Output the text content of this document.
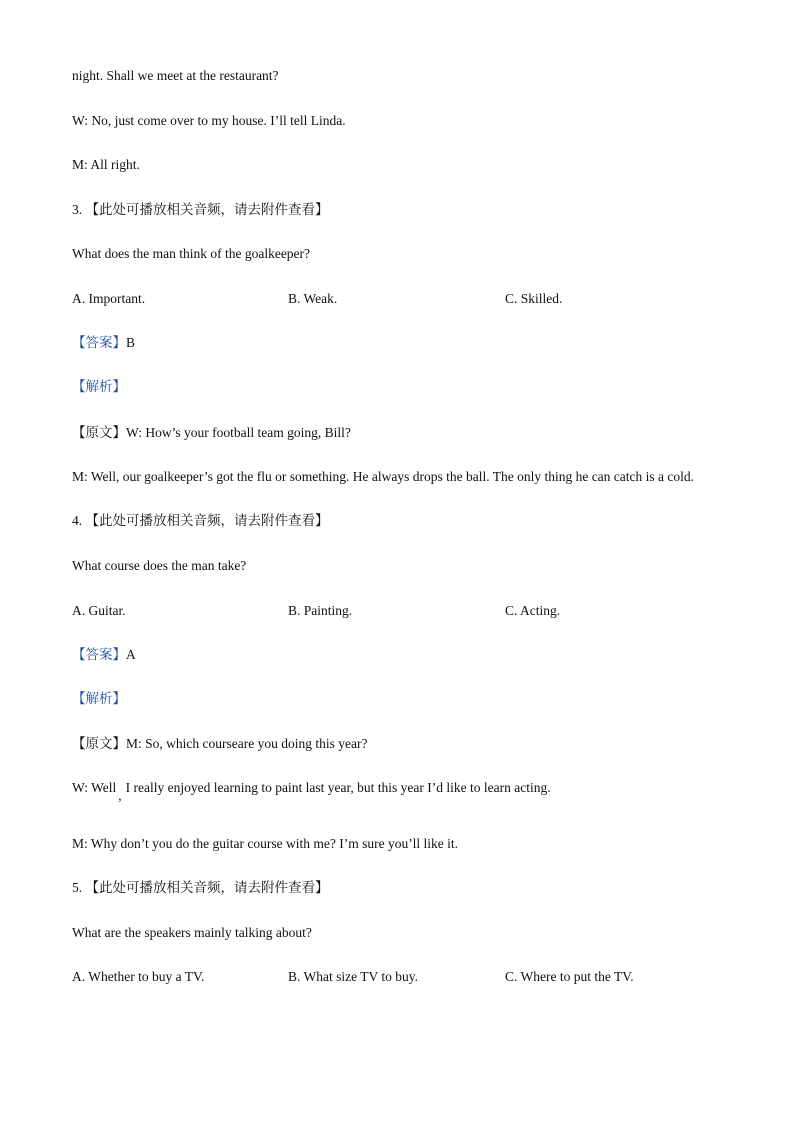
night. Shall we meet at the restaurant?

W: No, just come over to my house. I’ll tell Linda.

M: All right.

3. 【此处可播放相关音频，请去附件查看】

What does the man think of the goalkeeper?

A. Important.	B. Weak.	C. Skilled.

【答案】B

【解析】

【原文】W: How’s your football team going, Bill?

M: Well, our goalkeeper’s got the flu or something. He always drops the ball. The only thing he can catch is a cold.

4. 【此处可播放相关音频，请去附件查看】

What course does the man take?

A. Guitar.	B. Painting.	C. Acting.

【答案】A

【解析】

【原文】M: So, which courseare you doing this year?

W: Well,I really enjoyed learning to paint last year, but this year I’d like to learn acting.

M: Why don’t you do the guitar course with me? I’m sure you’ll like it.

5. 【此处可播放相关音频，请去附件查看】

What are the speakers mainly talking about?

A. Whether to buy a TV.	B. What size TV to buy.	C. Where to put the TV.
